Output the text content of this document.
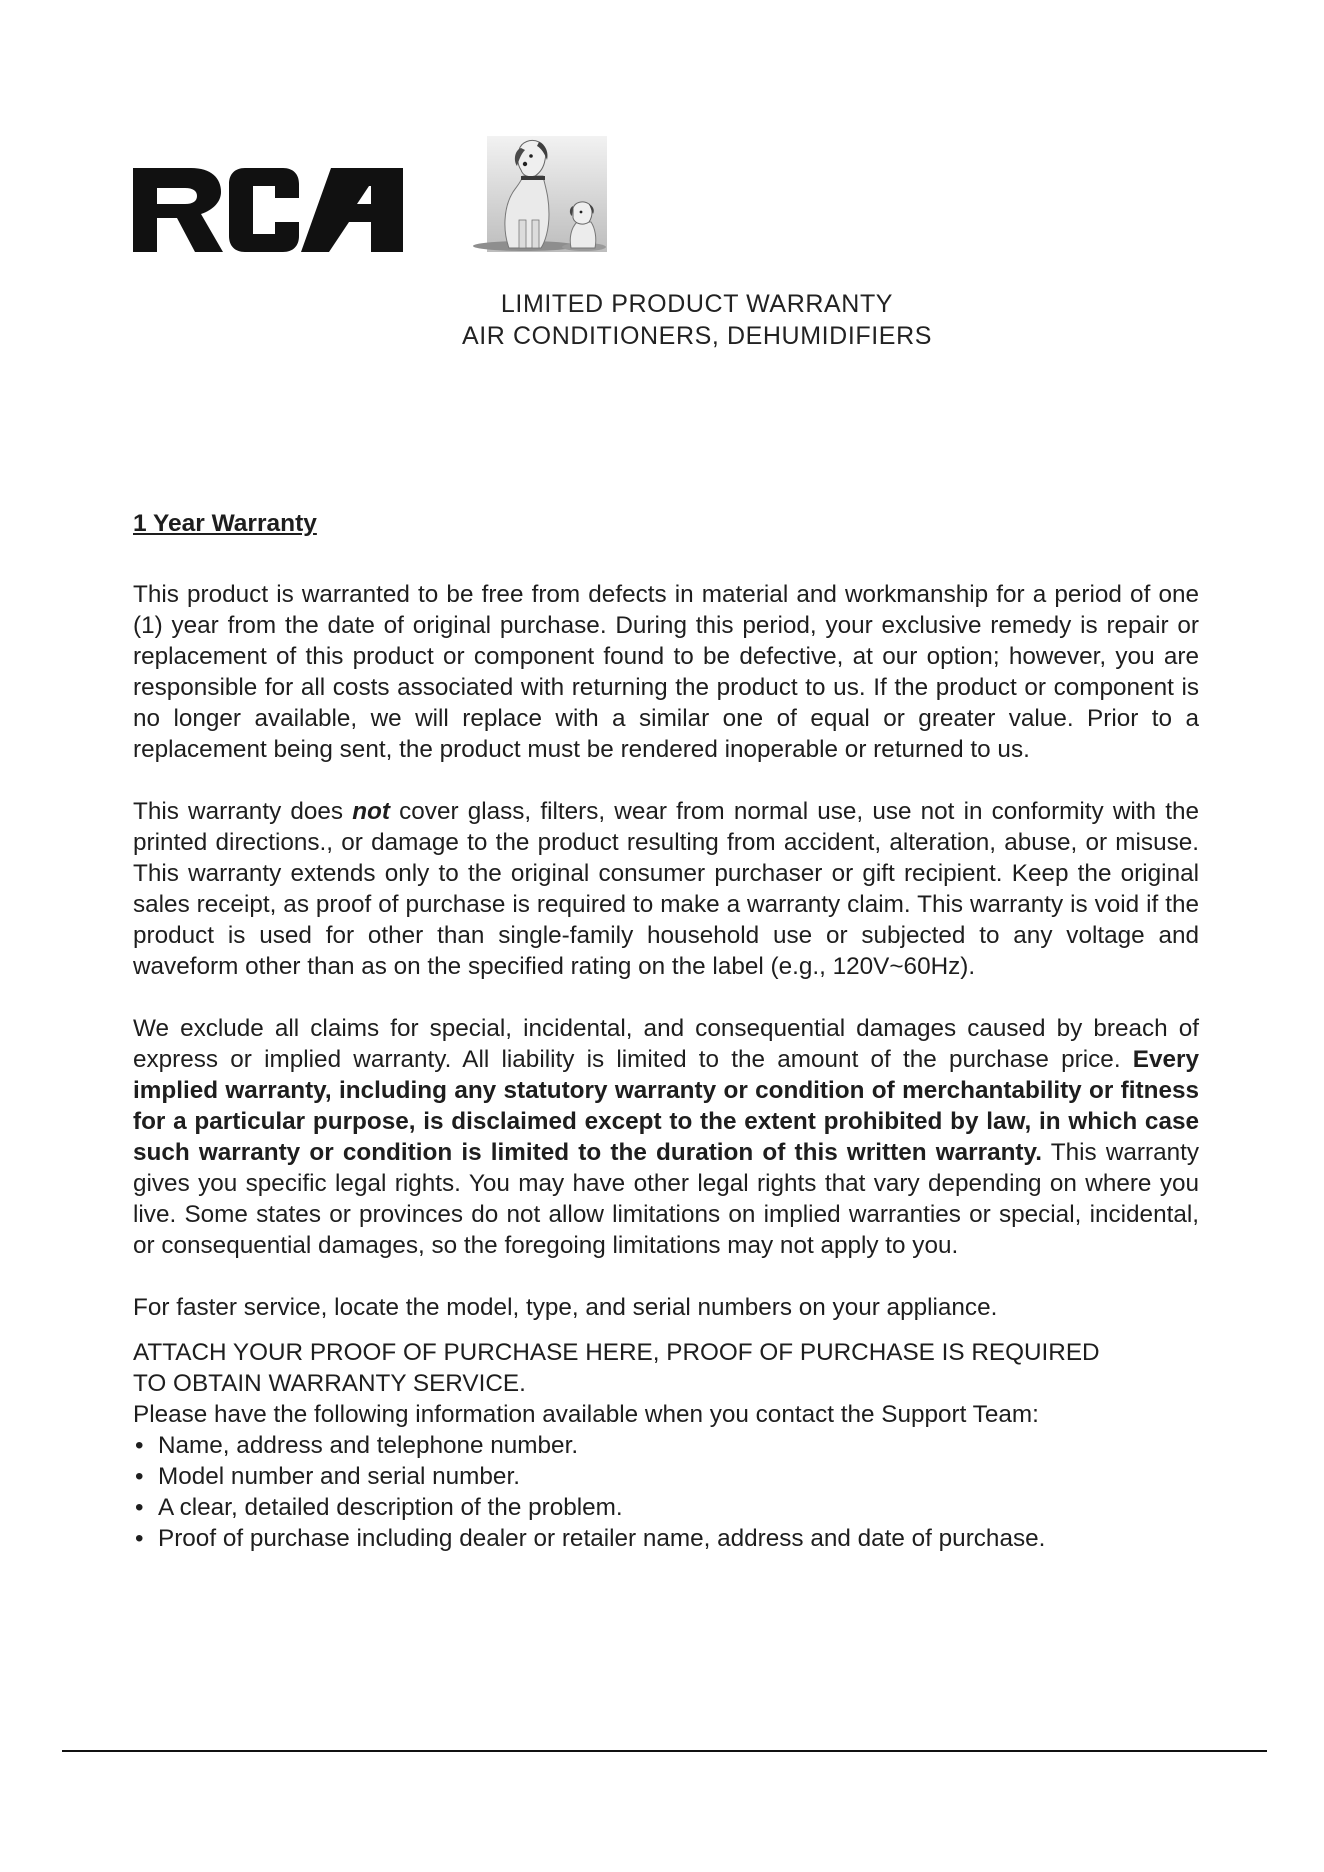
LIMITED PRODUCT WARRANTY
AIR CONDITIONERS, DEHUMIDIFIERS
1 Year Warranty

This product is warranted to be free from defects in material and workmanship for a period of one (1) year from the date of original purchase. During this period, your exclusive remedy is repair or replacement of this product or component found to be defective, at our option; however, you are responsible for all costs associated with returning the product to us. If the product or component is no longer available, we will replace with a similar one of equal or greater value. Prior to a replacement being sent, the product must be rendered inoperable or returned to us.

This warranty does not cover glass, filters, wear from normal use, use not in conformity with the printed directions., or damage to the product resulting from accident, alteration, abuse, or misuse. This warranty extends only to the original consumer purchaser or gift recipient. Keep the original sales receipt, as proof of purchase is required to make a warranty claim. This warranty is void if the product is used for other than single-family household use or subjected to any voltage and waveform other than as on the specified rating on the label (e.g., 120V~60Hz).

We exclude all claims for special, incidental, and consequential damages caused by breach of express or implied warranty. All liability is limited to the amount of the purchase price. Every implied warranty, including any statutory warranty or condition of merchantability or fitness for a particular purpose, is disclaimed except to the extent prohibited by law, in which case such warranty or condition is limited to the duration of this written warranty. This warranty gives you specific legal rights. You may have other legal rights that vary depending on where you live. Some states or provinces do not allow limitations on implied warranties or special, incidental, or consequential damages, so the foregoing limitations may not apply to you.

For faster service, locate the model, type, and serial numbers on your appliance.

ATTACH YOUR PROOF OF PURCHASE HERE, PROOF OF PURCHASE IS REQUIRED

TO OBTAIN WARRANTY SERVICE.

Please have the following information available when you contact the Support Team:

• Name, address and telephone number.
• Model number and serial number.
• A clear, detailed description of the problem.
• Proof of purchase including dealer or retailer name, address and date of purchase.
